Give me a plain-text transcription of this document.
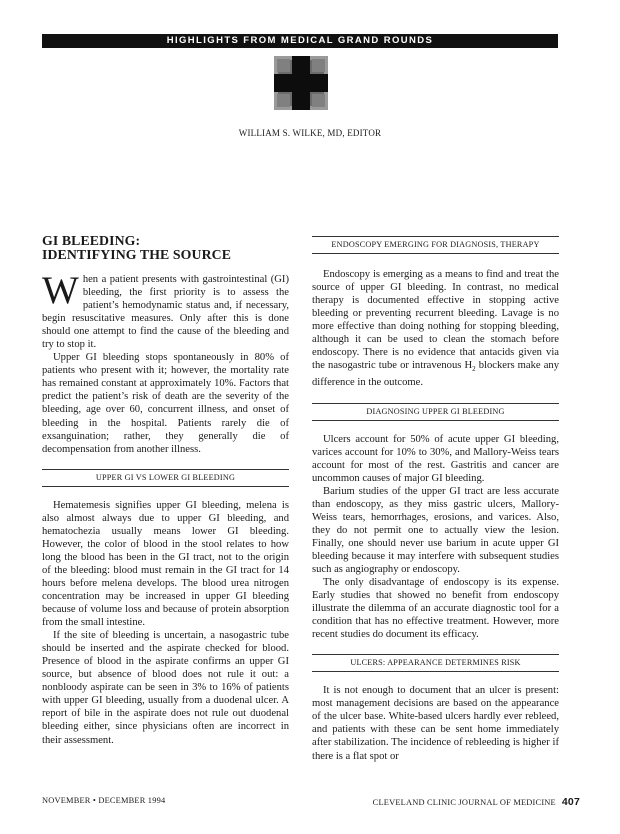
HIGHLIGHTS FROM MEDICAL GRAND ROUNDS
WILLIAM S. WILKE, MD, EDITOR
GI BLEEDING:
IDENTIFYING THE SOURCE

When a patient presents with gastrointestinal (GI) bleeding, the first priority is to assess the patient’s hemodynamic status and, if necessary, begin resuscitative measures. Only after this is done should one attempt to find the cause of the bleeding and try to stop it.

Upper GI bleeding stops spontaneously in 80% of patients who present with it; however, the mortality rate has remained constant at approximately 10%. Factors that predict the patient’s risk of death are the severity of the bleeding, age over 60, concurrent illness, and onset of bleeding in the hospital. Patients rarely die of exsanguination; rather, they generally die of decompensation from another illness.

UPPER GI VS LOWER GI BLEEDING

Hematemesis signifies upper GI bleeding, melena is also almost always due to upper GI bleeding, and hematochezia usually means lower GI bleeding. However, the color of blood in the stool relates to how long the blood has been in the GI tract, not to the origin of the bleeding: blood must remain in the GI tract for 14 hours before melena develops. The blood urea nitrogen concentration may be increased in upper GI bleeding because of volume loss and because of protein absorption from the small intestine.

If the site of bleeding is uncertain, a nasogastric tube should be inserted and the aspirate checked for blood. Presence of blood in the aspirate confirms an upper GI source, but absence of blood does not rule it out: a nonbloody aspirate can be seen in 3% to 16% of patients with upper GI bleeding, usually from a duodenal ulcer. A report of bile in the aspirate does not rule out duodenal bleeding either, since physicians often are incorrect in their assessment.

ENDOSCOPY EMERGING FOR DIAGNOSIS, THERAPY

Endoscopy is emerging as a means to find and treat the source of upper GI bleeding. In contrast, no medical therapy is documented effective in stopping active bleeding or preventing recurrent bleeding. Lavage is no more effective than doing nothing for stopping bleeding, although it can be used to clean the stomach before endoscopy. There is no evidence that antacids given via the nasogastric tube or intravenous $H_2$ blockers make any difference in the outcome.

DIAGNOSING UPPER GI BLEEDING

Ulcers account for 50% of acute upper GI bleeding, varices account for 10% to 30%, and Mallory-Weiss tears account for most of the rest. Gastritis and cancer are uncommon causes of major GI bleeding.

Barium studies of the upper GI tract are less accurate than endoscopy, as they miss gastric ulcers, Mallory-Weiss tears, hemorrhages, erosions, and varices. Also, they do not permit one to actually view the lesion. Finally, one should never use barium in acute upper GI bleeding because it may interfere with subsequent studies such as angiography or endoscopy.

The only disadvantage of endoscopy is its expense. Early studies that showed no benefit from endoscopy illustrate the dilemma of an accurate diagnostic tool for a condition that has no effective treatment. However, more recent studies do document its efficacy.

ULCERS: APPEARANCE DETERMINES RISK

It is not enough to document that an ulcer is present: most management decisions are based on the appearance of the ulcer base. White-based ulcers hardly ever rebleed, and patients with these can be sent home immediately after stabilization. The incidence of rebleeding is higher if there is a flat spot or

NOVEMBER • DECEMBER 1994	CLEVELAND CLINIC JOURNAL OF MEDICINE 407
